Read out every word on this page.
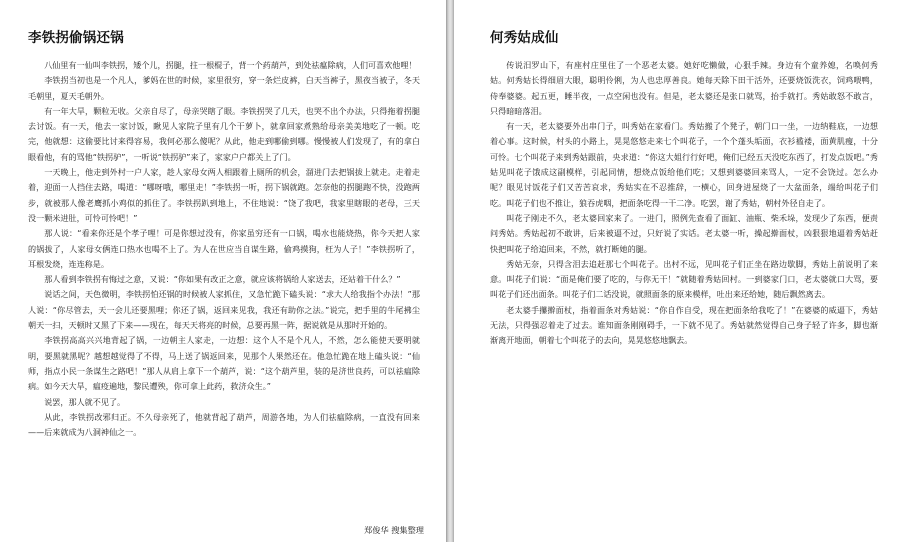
李铁拐偷锅还锅

八仙里有一仙叫李铁拐，矮个儿，拐腿，拄一根棍子，背一个药葫芦，到处祛瘟除病，人们可喜欢他哩！

李铁拐当初也是一个凡人，爹妈在世的时候，家里很穷，穿一条烂皮裤，白天当裤子，黑夜当被子，冬天毛朝里，夏天毛朝外。

有一年大旱，颗粒无收。父亲自尽了，母亲哭瞎了眼。李铁拐哭了几天，也哭不出个办法，只得拖着拐腿去讨饭。有一天，他去一家讨饭，瞅见人家院子里有几个干萝卜，就拿回家煮熟给母亲美美地吃了一顿。吃完，他就想：这偷要比讨来得容易，我何必那么傻呢？从此，他走到哪偷到哪。慢慢被人们发现了，有的拿白眼看他，有的骂他“铁拐驴”，一听说“铁拐驴”来了，家家户户都关上了门。

一天晚上，他走到外村一户人家，趁人家母女两人相跟着上厕所的机会，溜进门去把锅拔上就走。走着走着，迎面一人挡住去路，喝道：“哪呀哦，哪里走！”李铁拐一听，拐下锅就跑。怎奈他的拐腿跑不快，没跑两步，就被那人像老鹰抓小鸡似的抓住了。李铁拐趴到地上，不住地说：“饶了我吧，我家里瞎眼的老母，三天没一颗米进肚，可怜可怜吧！”

那人说：“看来你还是个孝子哩！可是你想过没有，你家虽穷还有一口锅，喝水也能烧热，你今天把人家的锅拔了，人家母女俩连口热水也喝不上了。为人在世应当自谋生路，偷鸡摸狗，枉为人子！”李铁拐听了，耳根发烧，连连称是。

那人看到李铁拐有悔过之意，又说：“你如果有改正之意，就应该将锅给人家送去，还站着干什么？”

说话之间，天色微明，李铁拐怕还锅的时候被人家抓住，又急忙跪下磕头说：“求大人给我指个办法！”那人说：“你尽管去，天一会儿还要黑哩；你还了锅，返回来见我，我还有助你之法。”说完，把手里的牛尾拂尘朝天一扫，天顿时又黑了下来——现在，每天天将亮的时候，总要再黑一阵，据说就是从那时开始的。

李铁拐高高兴兴地背起了锅，一边朝主人家走，一边想：这个人不是个凡人，不然，怎么能使天要明就明，要黑就黑呢？越想越觉得了不得，马上送了锅返回来，见那个人果然还在。他急忙跪在地上磕头说：“仙师，指点小民一条谋生之路吧！”那人从肩上拿下一个葫芦，说：“这个葫芦里，装的是济世良药，可以祛瘟除病。如今天大旱，瘟疫遍地，黎民遭殃，你可拿上此药，救济众生。”

说罢，那人就不见了。

从此，李铁拐改邪归正。不久母亲死了，他就背起了葫芦，周游各地，为人们祛瘟除病，一直没有回来——后来就成为八洞神仙之一。

郑俊华 搜集整理
何秀姑成仙

传说汨罗山下，有座村庄里住了一个恶老太婆。她好吃懒做，心狠手辣。身边有个童养媳，名唤何秀姑。何秀姑长得细眉大眼，聪明伶俐，为人也忠厚善良。她每天除下田干活外，还要烧饭洗衣，饲鸡喂鸭，侍奉婆婆。起五更，睡半夜，一点空闲也没有。但是，老太婆还是张口就骂，抬手就打。秀姑敢怒不敢言，只得暗暗落泪。

有一天，老太婆要外出串门子，叫秀姑在家看门。秀姑搬了个凳子，朝门口一坐，一边纳鞋底，一边想着心事。这时候，村头的小路上，晃晃悠悠走来七个叫花子，一个个蓬头垢面，衣衫褴褛，面黄肌瘦，十分可怜。七个叫花子来到秀姑跟前，央求道：“你这大姐行行好吧，俺们已经五天没吃东西了，打发点饭吧。”秀姑见叫花子饿成这副模样，引起同情，想烧点饭给他们吃；又想到婆婆回来骂人，一定不会饶过。怎么办呢？眼见讨饭花子们又苦苦哀求，秀姑实在不忍推辞，一横心，回身进屋烧了一大盆面条，端给叫花子们吃。叫花子们也不推让，狼吞虎咽，把面条吃得一干二净。吃罢，谢了秀姑，朝村外径自走了。

叫花子刚走不久，老太婆回家来了。一进门，照例先查看了面缸、油瓶、柴禾垛，发现少了东西，便责问秀姑。秀姑起初不敢讲，后来被逼不过，只好说了实话。老太婆一听，操起擀面杖，凶狠狠地逼着秀姑赶快把叫花子给追回来，不然，就打断她的腿。

秀姑无奈，只得含泪去追赶那七个叫花子。出村不远，见叫花子们正坐在路边歇脚，秀姑上前说明了来意。叫花子们说：“面是俺们要了吃的，与你无干！”就随着秀姑回村。一到婆家门口，老太婆就口大骂，要叫花子们还出面条。叫花子们二话没说，就照面条的原来模样，吐出来还给她，随后飘然离去。

老太婆手攥擀面杖，指着面条对秀姑说：“你自作自受，现在把面条给我吃了！”在婆婆的威逼下，秀姑无法，只得强忍着走了过去。谁知面条刚刚碍手，一下就不见了。秀姑就然觉得自己身子轻了许多，脚也渐渐离开地面，朝着七个叫花子的去向，晃晃悠悠地飘去。
